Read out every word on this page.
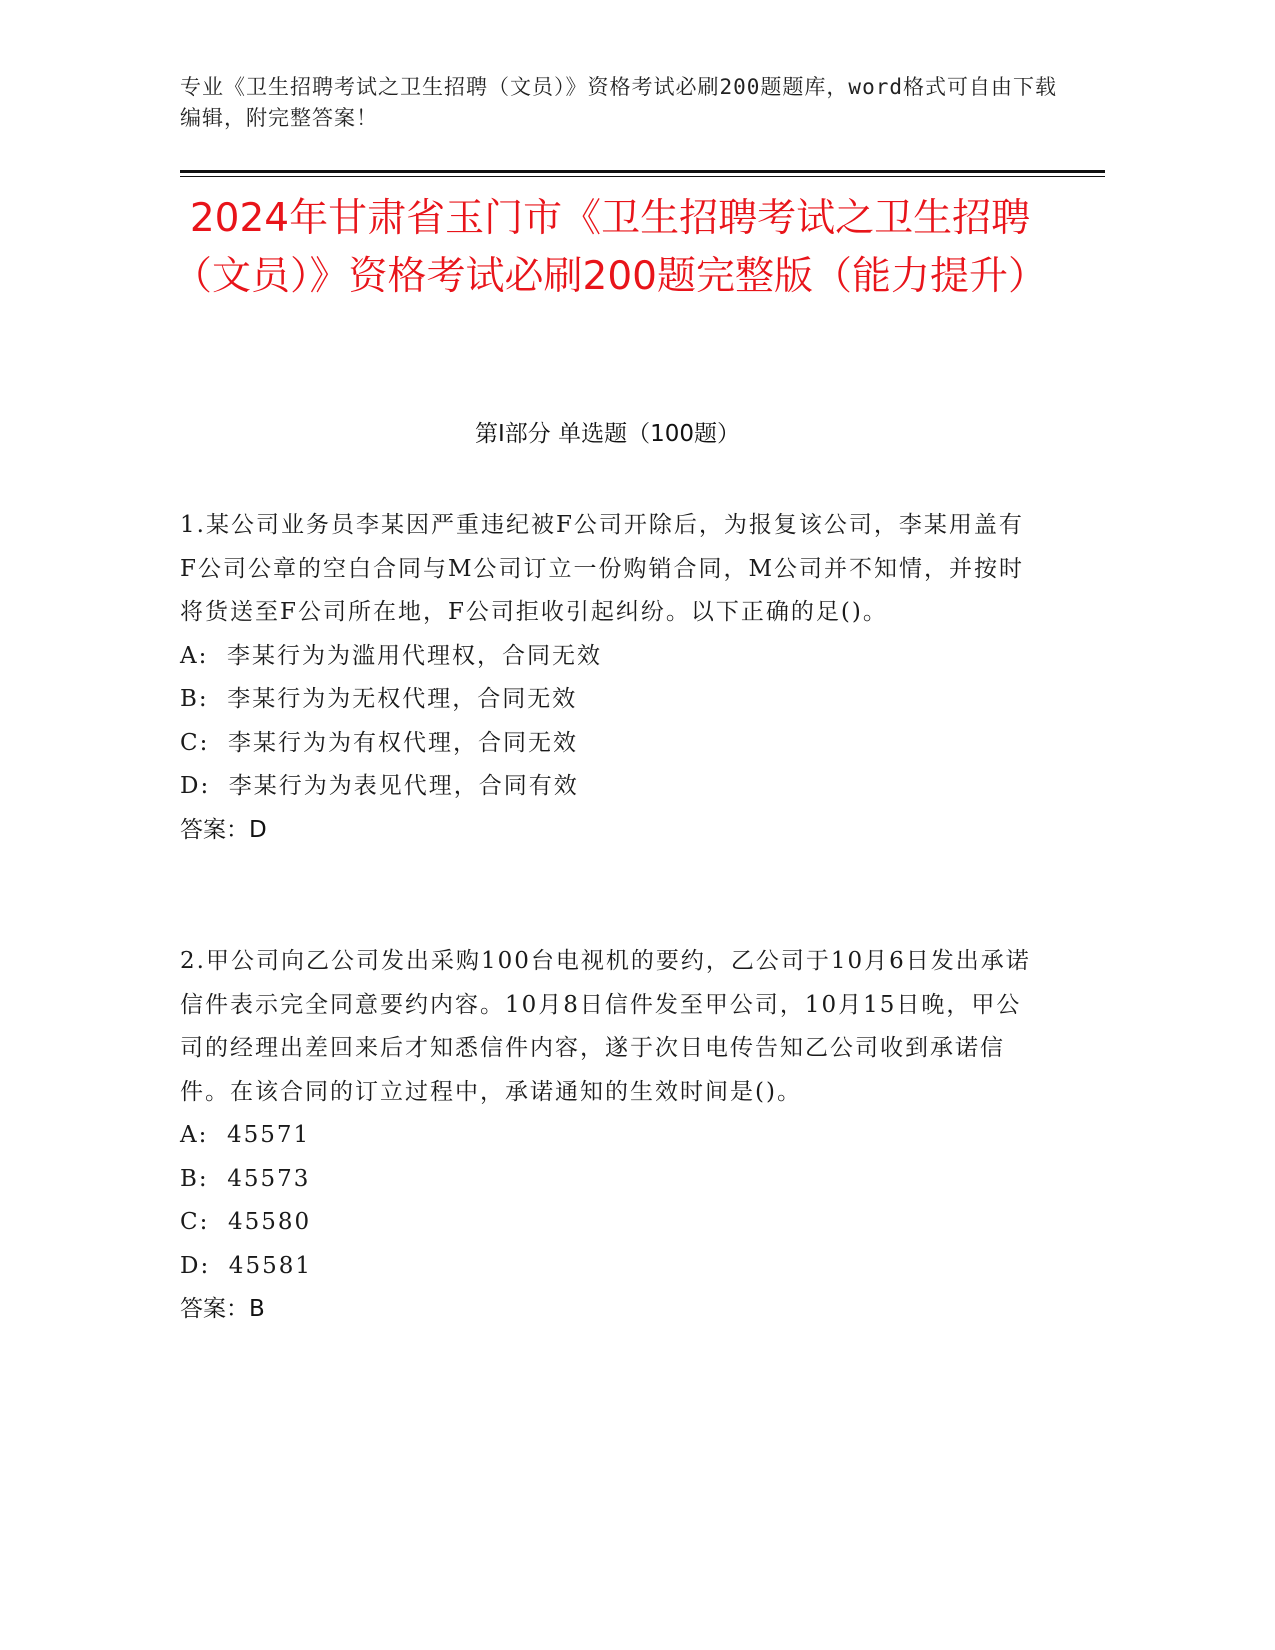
专业《卫生招聘考试之卫生招聘（文员）》资格考试必刷200题题库，word格式可自由下载编辑，附完整答案！
2024年甘肃省玉门市《卫生招聘考试之卫生招聘（文员）》资格考试必刷200题完整版（能力提升）
第I部分 单选题（100题）
1.某公司业务员李某因严重违纪被F公司开除后，为报复该公司，李某用盖有F公司公章的空白合同与M公司订立一份购销合同，M公司并不知情，并按时将货送至F公司所在地，F公司拒收引起纠纷。以下正确的足()。
A:  李某行为为滥用代理权，合同无效
B:  李某行为为无权代理，合同无效
C:  李某行为为有权代理，合同无效
D:  李某行为为表见代理，合同有效
答案：D
2.甲公司向乙公司发出采购100台电视机的要约，乙公司于10月6日发出承诺信件表示完全同意要约内容。10月8日信件发至甲公司，10月15日晚，甲公司的经理出差回来后才知悉信件内容，遂于次日电传告知乙公司收到承诺信件。在该合同的订立过程中，承诺通知的生效时间是()。
A:  45571
B:  45573
C:  45580
D:  45581
答案：B
